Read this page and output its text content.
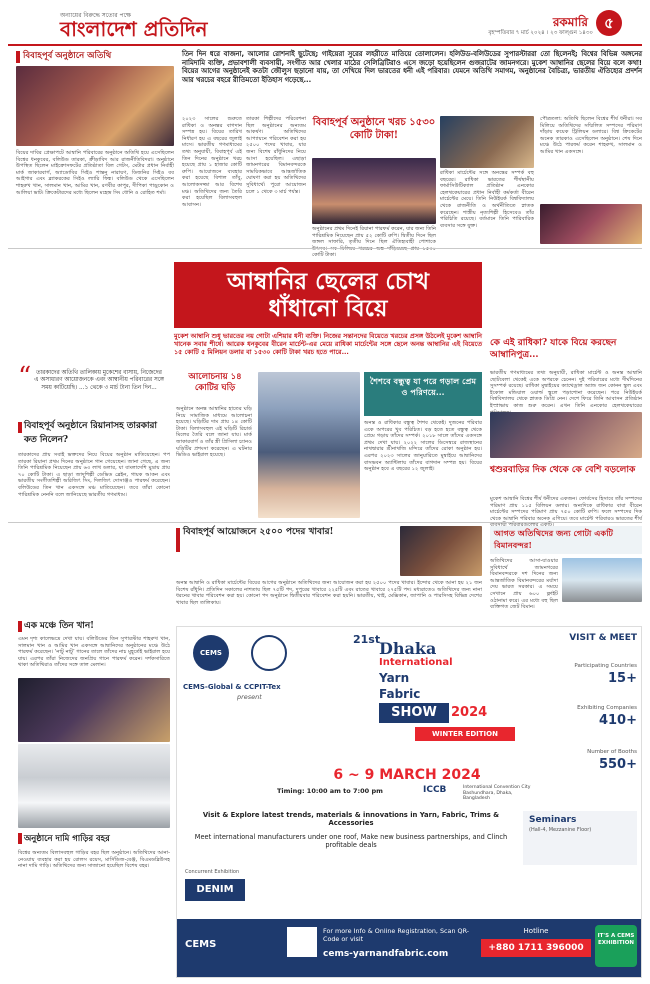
অন্যায়ের বিরুদ্ধে সত্যের পক্ষে
বাংলাদেশ প্রতিদিন	রকমারি	৫
বৃহস্পতিবার ৭ মার্চ ২০২৪ । ২৩ ফাল্গুন ১৪৩০
বিবাহপূর্ব অনুষ্ঠানে অতিথি
বিয়ের দাবির প্রেক্ষাপটে আম্বানি পরিবারের অনুষ্ঠানে অতিথি হয়ে এসেছিলেন বিশ্বের ধনকুবের, বলিউড তারকা, ক্রীড়াবিদ আর রাজনীতিবিদরা। অনুষ্ঠানে উপস্থিত ছিলেন মাইক্রোসফটের প্রতিষ্ঠাতা বিল গেটস, মেটার প্রধান নির্বাহী মার্ক জাকারবার্গ, অ্যাডোবির সিইও শান্তনু নারায়ণ, ডিজনির সিইও বব আইগার এবং ব্ল্যাকরকের সিইও ল্যারি ফিঙ্ক। বলিউড থেকে এসেছিলেন শাহরুখ খান, সালমান খান, আমির খান, রণবীর কাপুর, দীপিকা পাড়ুকোন ও আলিয়া ভাট। ক্রিকেটারদের মধ্যে ছিলেন মহেন্দ্র সিং ধোনি ও রোহিত শর্মা।
তিন দিন ধরে বাজনা, আলোর রোশনাই ছুটেছে; গাইয়েরা সুরের লহরীতে মাতিয়ে তোলালেন। হলিউড-বলিউডের সুপারস্টাররা তো ছিলেনই; বিশ্বের বিভিন্ন অঙ্গনের নামিদামি ব্যক্তি, প্রভাবশালী ব্যবসায়ী, সংগীত আর খেলার মাঠের সেলিব্রিটিরাও এসে জড়ো হয়েছিলেন গুজরাটের জামনগরে। মুকেশ আম্বানির ছেলের বিয়ে বলে কথা! বিয়ের আগের অনুষ্ঠানেই কতটা জৌলুস ছড়ানো যায়, তা দেখিয়ে দিল ভারতের ধনী এই পরিবার। যেমনে অতিথি সমাগম, অনুষ্ঠানের বৈচিত্র্য, ভারতীয় ঐতিহ্যের প্রদর্শন আর খরচের বহরে রীতিমতো ইতিহাস গড়েছে...
২০২৩ সালের শুরুতে রাধিকা ও অনন্তর বাগদান সম্পন্ন হয়। বিয়ের তারিখ নির্ধারণ হয় এ বছরের জুলাই মাসে। ভারতীয় গণমাধ্যমের তথ্য অনুযায়ী, বিবাহপূর্ব এই তিন দিনের অনুষ্ঠানে খরচ হয়েছে প্রায় ১ হাজার কোটি রুপি। আয়োজনে ব্যবহার করা হয়েছে বিশাল তাঁবু, আলোকসজ্জা আর বিশেষ মঞ্চ। অতিথিদের জন্য তৈরি করা হয়েছিল বিলাসবহুল আবাসন।
তারকা শিল্পীদের পরিবেশনা ছিল অনুষ্ঠানের অন্যতম আকর্ষণ। অতিথিদের আপ্যায়নে পরিবেশন করা হয় ২৫০০ পদের খাবার, যার জন্য বিশেষ রাঁধুনিদের নিয়ে আসা হয়েছিল। এছাড়া জামনগরের বিমানবন্দরকে সাময়িকভাবে আন্তর্জাতিক ঘোষণা করা হয় অতিথিদের সুবিধার্থে। পুরো আয়োজন চলে ১ থেকে ৩ মার্চ পর্যন্ত।
বিবাহপূর্ব অনুষ্ঠানে খরচ ১৫৩০ কোটি টাকা!
অনুষ্ঠানের প্রথম দিনেই রিয়ানা পারফর্ম করেন, যার জন্য তিনি পারিশ্রমিক নিয়েছেন প্রায় ৫২ কোটি রুপি। দ্বিতীয় দিনে ছিল জঙ্গল সাফারি, তৃতীয় দিনে ছিল ঐতিহ্যবাহী পোশাকে কোটি টাকা।
রাধিকা মার্চেন্টের সঙ্গে অনন্তের সম্পর্ক বহু বছরের। রাধিকা ভারতের শীর্ষস্থানীয় ফার্মাসিউটিক্যাল প্রতিষ্ঠান এনকোর হেলথকেয়ারের প্রধান নির্বাহী কর্মকর্তা বীরেন মার্চেন্টের মেয়ে। তিনি নিউইয়র্ক বিশ্ববিদ্যালয় থেকে রাজনীতি ও অর্থনীতিতে স্নাতক করেছেন। শাস্ত্রীয় নৃত্যশিল্পী হিসেবেও তাঁর পরিচিতি রয়েছে। বর্তমানে তিনি পারিবারিক ব্যবসার সঙ্গে যুক্ত।
পৌত্রতলা: অতিথি ছিলেন বিশ্বের শীর্ষ ধনীরা। সব মিলিয়ে অতিথিদের সম্মিলিত সম্পদের পরিমাণ দাঁড়ায় কয়েক ট্রিলিয়ন ডলারে। বিশ্ব ক্রিকেটের অনেক তারকাও এসেছিলেন অনুষ্ঠানে। শেষ দিনে মঞ্চে উঠে পারফর্ম করেন শাহরুখ, সালমান ও আমির খান একসঙ্গে।
আম্বানির ছেলের চোখ
ধাঁধানো বিয়ে
মুকেশ আম্বানি শুধু ভারতের নয় গোটা এশিয়ার ধনী ব্যক্তি। নিজের সন্তানদের বিয়েতে খরচের প্রসঙ্গ উঠলেই মুকেশ আম্বানি খানেক সবার শীর্ষে। আরেক ধনকুবের বীরেন মার্চেন্ট-এর মেয়ে রাধিকা মার্চেন্টের সঙ্গে ছেলে অনন্ত আম্বানির এই বিয়েতে ১৫ কোটি ৫ মিলিয়ন ডলার বা ১৫৩০ কোটি টাকা খরচ হতে পারে...
কে এই রাধিকা? যাকে বিয়ে করছেন আম্বানিপুত্র...
ভারতীয় গণমাধ্যমের তথ্য অনুযায়ী, রাধিকা মার্চেন্ট ও অনন্ত আম্বানি ছোটবেলা থেকেই একে অপরকে চেনেন। দুই পরিবারের মধ্যে দীর্ঘদিনের সুসম্পর্ক রয়েছে। রাধিকা মুম্বাইয়ের ক্যাথেড্রাল অ্যান্ড জন কোনন স্কুল এবং ইকোল মন্ডিয়াল ওয়ার্ল্ড স্কুলে পড়াশোনা করেছেন। পরে নিউইয়র্ক বিশ্ববিদ্যালয় থেকে স্নাতক ডিগ্রি নেন। দেশে ফিরে তিনি আবাসন প্রতিষ্ঠান ইস্প্রাভায় কাজ শুরু করেন। এখন তিনি এনকোর হেলথকেয়ারের
“ তারকাদের অতিথি তালিকায় মুকেশের বাসায়, নিজেদের এ অসাধারণ আয়োজনকে এবং আম্বানীয় পরিবারের সঙ্গে সময় কাটিয়েছি। ...১ থেকে ৩ মার্চ টানা তিন দিন...
বিবাহপূর্ব অনুষ্ঠানে রিয়ানাসহ তারকারা কত নিলেন?
তারকাদের প্রায় সবাই ভক্তদের নিয়ে বিয়ের অনুষ্ঠান মাতিয়েছেন। পপ তারকা রিয়ানা প্রথম দিনের অনুষ্ঠানে গান গেয়েছেন। জানা গেছে, এ জন্য তিনি পারিশ্রমিক নিয়েছেন প্রায় ৬৩ লাখ ডলার, যা বাংলাদেশি মুদ্রায় প্রায় ৭০ কোটি টাকা। এ ছাড়া জাদুশিল্পী ডেভিড ব্লেইন, গায়ক আকন এবং ভারতীয় সংগীতশিল্পী অরিজিৎ সিং, দিলজিৎ দোসাঞ্জও পারফর্ম করেছেন। বলিউডের তিন খান একসঙ্গে মঞ্চ মাতিয়েছেন। তবে তাঁরা কোনো পারিশ্রমিক নেননি বলে জানিয়েছে ভারতীয় গণমাধ্যম।
আলোচনায় ১৪ কোটির ঘড়ি
অনুষ্ঠানে অনন্ত আম্বানির হাতের ঘড়ি নিয়ে সামাজিক মাধ্যমে আলোচনা হয়েছে। ঘড়িটির দাম প্রায় ১৪ কোটি টাকা। বিলাসবহুল এই ঘড়িটি রিচার্ড মিলের তৈরি বলে জানা যায়। মার্ক জাকারবার্গ ও তাঁর স্ত্রী প্রিসিলা চ্যানও ঘড়িটির প্রশংসা করেছেন। এ ঘটনার ভিডিও ভাইরাল হয়েছে।
শৈশবে বন্ধুত্ব যা পরে গড়াল প্রেম ও পরিণয়ে...
অনন্ত ও রাধিকার বন্ধুত্ব শৈশব থেকেই। দুজনের পরিবার একে অপরের খুব পরিচিত। বড় হতে হতে বন্ধুত্ব থেকে প্রেমে গড়ায় তাঁদের সম্পর্ক। ২০১৮ সালে তাঁদের একসঙ্গে প্রথম দেখা যায়। ২০২২ সালের ডিসেম্বরে রাজস্থানের নাথদ্বারার শ্রীনাথজি মন্দিরে তাঁদের রোকা অনুষ্ঠান হয়। এরপর ২০২৩ সালের জানুয়ারিতে মুম্বাইয়ে আম্বানিদের বাসভবন অ্যান্টিলায় তাঁদের বাগদান সম্পন্ন হয়। বিয়ের অনুষ্ঠান হবে এ বছরের ১২ জুলাই।	শ্বশুরবাড়ির দিক থেকে কে বেশি বড়লোক
মুকেশ আম্বানি বিশ্বের শীর্ষ ধনীদের একজন। ফোর্বসের হিসাবে তাঁর সম্পদের পরিমাণ প্রায় ১১৫ বিলিয়ন ডলার। অন্যদিকে রাধিকার বাবা বীরেন মার্চেন্টের সম্পদের পরিমাণ প্রায় ৭৫০ কোটি রুপি। ফলে সম্পদের দিক থেকে আম্বানি পরিবার অনেক এগিয়ে। তবে মার্চেন্ট পরিবারও ভারতের শীর্ষ
বিবাহপূর্ব আয়োজনে ২৫০০ পদের খাবার!
অনন্ত আম্বানি ও রাধিকা মার্চেন্টের বিয়ের আগের অনুষ্ঠানে অতিথিদের জন্য আয়োজন করা হয় ২৫০০ পদের খাবার। ইন্দোর থেকে আনা হয় ২১ জন বিশেষ রাঁধুনি। প্রতিদিন সকালের নাশতায় ছিল ৭৫টি পদ, দুপুরের খাবারে ২২৫টি এবং রাতের খাবারে ২৭৫টি পদ। মধ্যরাতেও অতিথিদের জন্য নানা ধরনের খাবার পরিবেশন করা হয়। কোনো পদ অনুষ্ঠানে দ্বিতীয়বার পরিবেশন করা হয়নি। ভারতীয়, থাই, মেক্সিকান, জাপানি ও পারসিসহ বিভিন্ন দেশের খাবার ছিল তালিকায়।
আগত অতিথিদের জন্য গোটা একটি বিমানবন্দর!
অতিথিদের আসা-যাওয়ার সুবিধার্থে জামনগরের বিমানবন্দরকে দশ দিনের জন্য আন্তর্জাতিক বিমানবন্দরের মর্যাদা দেয় ভারত সরকার। এ সময়ে সেখানে প্রায় ৬০০ ফ্লাইট ওঠানামা করে। এর মধ্যে বহু ছিল ব্যক্তিগত জেট বিমান।
এক মঞ্চে তিন খান!
এমন দৃশ্য কালেভদ্রে দেখা যায়। বলিউডের তিন সুপারস্টার শাহরুখ খান, সালমান খান ও আমির খান একসঙ্গে আম্বানিদের অনুষ্ঠানের মঞ্চে উঠে পারফর্ম করেছেন। ‘নাটু নাটু’ গানের তালে তাঁদের নাচ মুহূর্তেই ভাইরাল হয়ে যায়। এরপর তাঁরা নিজেদের জনপ্রিয় গানে পারফর্ম করেন। দর্শকসারিতে থাকা অতিথিরাও তাঁদের সঙ্গে তাল মেলান।
অনুষ্ঠানে দামি গাড়ির বহর
বিশ্বের অন্যতম বিলাসবহুল গাড়ির বহর ছিল অনুষ্ঠানে। অতিথিদের আনা-নেওয়ায় ব্যবহার করা হয় রোলস রয়েস, মার্সিডিজ-বেঞ্জ, বিএমডব্লিউসহ নানা দামি গাড়ি। অতিথিদের জন্য সাজানো হয়েছিল বিশেষ বহর।
CEMS
CEMS-Global & CCPIT-Tex
present
21st
Dhaka
International
Yarn
Fabric
SHOW	2024
WINTER EDITION
6 ~ 9 MARCH 2024
Timing: 10:00 am to 7:00 pm	ICCB	International Convention City Bashundhara, Dhaka, Bangladesh
VISIT & MEET
Participating Countries
15+
Exhibiting Companies
410+
Number of Booths
550+
Seminars
(Hall-4, Mezzanine Floor)
Visit & Explore latest trends, materials & innovations in Yarn, Fabric, Trims & Accessories
Meet international manufacturers under one roof, Make new business partnerships, and Clinch profitable deals
Concurrent Exhibition
DENIM
CEMS
For more Info & Online Registration, Scan QR-Code or visit
cems-yarnandfabric.com
Hotline
+880 1711 396000
IT'S A CEMS EXHIBITION
